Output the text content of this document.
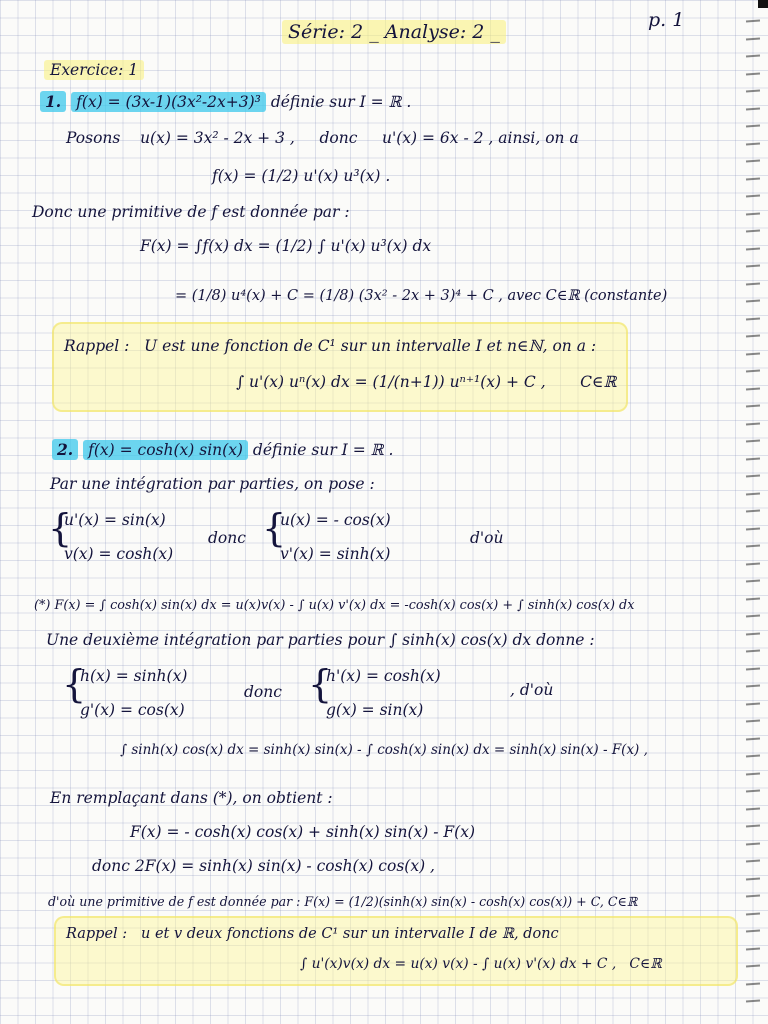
Série: 2 _ Analyse: 2 _
p. 1
Exercice: 1
1. f(x) = (3x-1)(3x²-2x+3)³ définie sur I = ℝ .
Posons u(x) = 3x² - 2x + 3 , donc u'(x) = 6x - 2 , ainsi, on a
f(x) = (1/2) u'(x) u³(x) .
Donc une primitive de f est donnée par :
F(x) = ∫f(x) dx = (1/2) ∫ u'(x) u³(x) dx
= (1/8) u⁴(x) + C = (1/8) (3x² - 2x + 3)⁴ + C , avec C∈ℝ (constante)
Rappel : U est une fonction de C¹ sur un intervalle I et n∈ℕ, on a :
∫ u'(x) uⁿ(x) dx = (1/(n+1)) uⁿ⁺¹(x) + C , C∈ℝ
2. f(x) = cosh(x) sin(x) définie sur I = ℝ .
Par une intégration par parties, on pose :
{
u'(x) = sin(x)
v(x) = cosh(x)
donc {
u(x) = - cos(x)
v'(x) = sinh(x)
d'où
(*) F(x) = ∫ cosh(x) sin(x) dx = u(x)v(x) - ∫ u(x) v'(x) dx = -cosh(x) cos(x) + ∫ sinh(x) cos(x) dx
Une deuxième intégration par parties pour ∫ sinh(x) cos(x) dx donne :
{
h(x) = sinh(x)
g'(x) = cos(x)
donc {
h'(x) = cosh(x)
g(x) = sin(x)
, d'où
∫ sinh(x) cos(x) dx = sinh(x) sin(x) - ∫ cosh(x) sin(x) dx = sinh(x) sin(x) - F(x) ,
En remplaçant dans (*), on obtient :
F(x) = - cosh(x) cos(x) + sinh(x) sin(x) - F(x)
donc 2F(x) = sinh(x) sin(x) - cosh(x) cos(x) ,
d'où une primitive de f est donnée par : F(x) = (1/2)(sinh(x) sin(x) - cosh(x) cos(x)) + C, C∈ℝ
Rappel : u et v deux fonctions de C¹ sur un intervalle I de ℝ, donc
∫ u'(x)v(x) dx = u(x) v(x) - ∫ u(x) v'(x) dx + C , C∈ℝ
